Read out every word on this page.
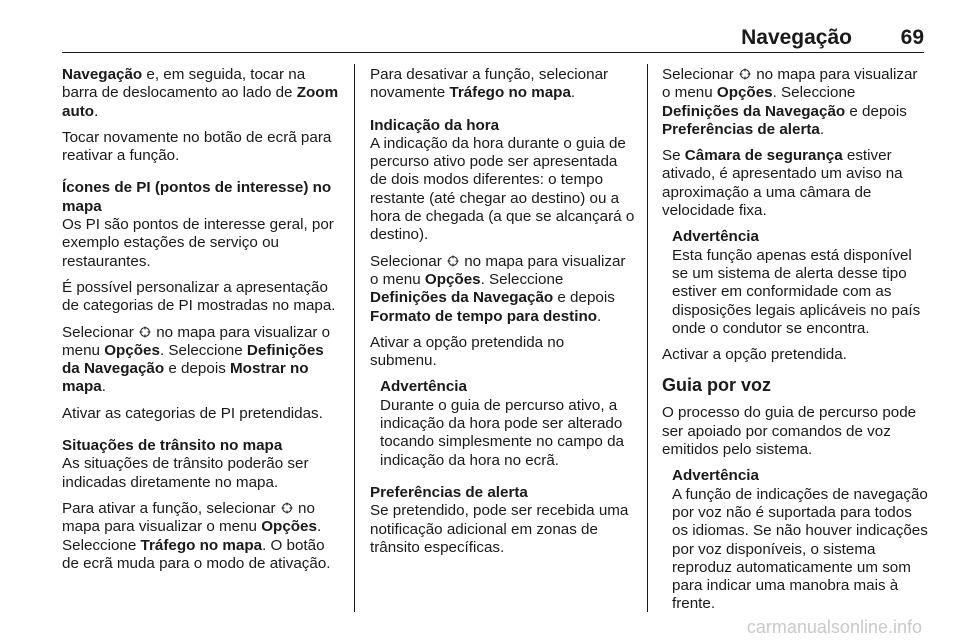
Navegação 69

Navegação e, em seguida, tocar na barra de deslocamento ao lado de Zoom auto.

Tocar novamente no botão de ecrã para reativar a função.

Ícones de PI (pontos de interesse) no mapa

Os PI são pontos de interesse geral, por exemplo estações de serviço ou restaurantes.

É possível personalizar a apresentação de categorias de PI mostradas no mapa.

Selecionar  no mapa para visualizar o menu Opções. Seleccione Definições da Navegação e depois Mostrar no mapa.

Ativar as categorias de PI pretendidas.

Situações de trânsito no mapa

As situações de trânsito poderão ser indicadas diretamente no mapa.

Para ativar a função, selecionar  no mapa para visualizar o menu Opções. Seleccione Tráfego no mapa. O botão de ecrã muda para o modo de ativação.

Para desativar a função, selecionar novamente Tráfego no mapa.

Indicação da hora

A indicação da hora durante o guia de percurso ativo pode ser apresentada de dois modos diferentes: o tempo restante (até chegar ao destino) ou a hora de chegada (a que se alcançará o destino).

Selecionar  no mapa para visualizar o menu Opções. Seleccione Definições da Navegação e depois Formato de tempo para destino.

Ativar a opção pretendida no submenu.

Advertência
Durante o guia de percurso ativo, a indicação da hora pode ser alterado tocando simplesmente no campo da indicação da hora no ecrã.
Preferências de alerta

Se pretendido, pode ser recebida uma notificação adicional em zonas de trânsito específicas.

Selecionar  no mapa para visualizar o menu Opções. Seleccione Definições da Navegação e depois Preferências de alerta.

Se Câmara de segurança estiver ativado, é apresentado um aviso na aproximação a uma câmara de velocidade fixa.

Advertência
Esta função apenas está disponível se um sistema de alerta desse tipo estiver em conformidade com as disposições legais aplicáveis no país onde o condutor se encontra.

Activar a opção pretendida.

Guia por voz

O processo do guia de percurso pode ser apoiado por comandos de voz emitidos pelo sistema.

Advertência
A função de indicações de navegação por voz não é suportada para todos os idiomas. Se não houver indicações por voz disponíveis, o sistema reproduz automaticamente um som para indicar uma manobra mais à frente.
carmanualsonline.info
